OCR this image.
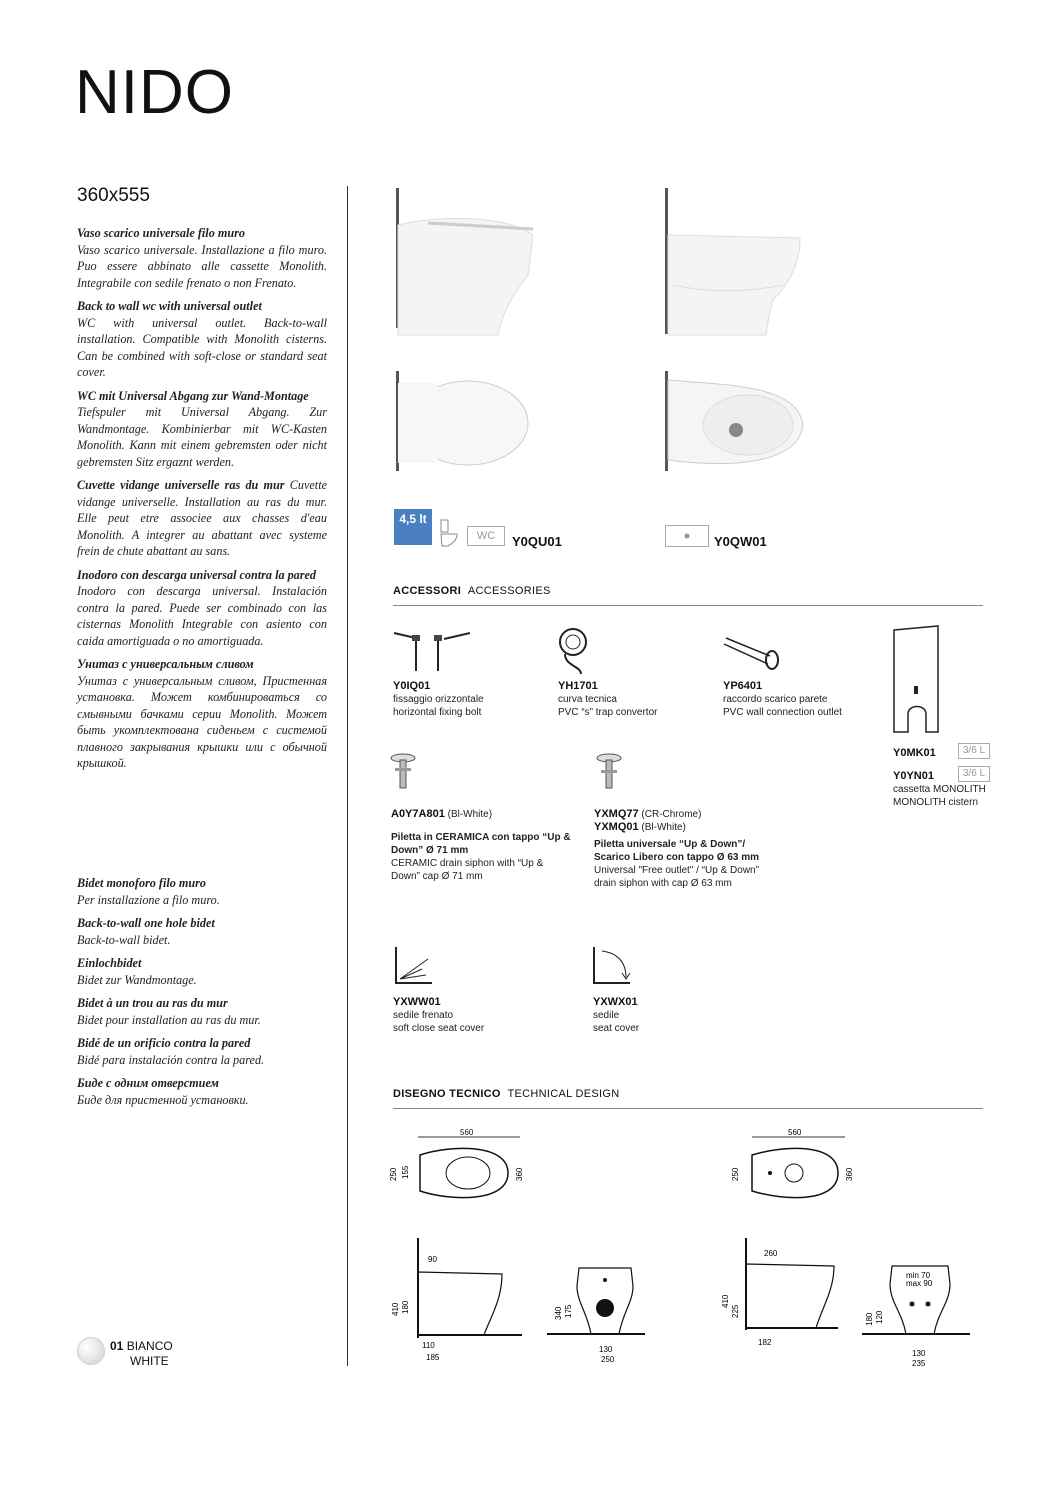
NIDO
360x555

Vaso scarico universale filo muro
Vaso scarico universale. Installazione a filo muro. Puo essere abbinato alle cassette Monolith. Integrabile con sedile frenato o non Frenato.

Back to wall wc with universal outlet
WC with universal outlet. Back-to-wall installation. Compatible with Monolith cisterns. Can be combined with soft-close or standard seat cover.

WC mit Universal Abgang zur Wand-Montage
Tiefspuler mit Universal Abgang. Zur Wandmontage. Kombinierbar mit WC-Kasten Monolith. Kann mit einem gebremsten oder nicht gebremsten Sitz ergaznt werden.

Cuvette vidange universelle ras du mur Cuvette vidange universelle. Installation au ras du mur. Elle peut etre associee aux chasses d'eau Monolith. A integrer au abattant avec systeme frein de chute abattant au sans.

Inodoro con descarga universal contra la pared
Inodoro con descarga universal. Instalación contra la pared. Puede ser combinado con las cisternas Monolith Integrable con asiento con caida amortiguada o no amortiguada.

Унитаз с универсальным сливом
Унитаз с универсальным сливом, Пристенная установка. Может комбинироваться со смывными бачками серии Monolith. Может быть укомплектована сиденьем с системой плавного закрывания крышки или с обычной крышкой.

Bidet monoforo filo muro
Per installazione a filo muro.

Back-to-wall one hole bidet
Back-to-wall bidet.

Einlochbidet
Bidet zur Wandmontage.

Bidet à un trou au ras du mur
Bidet pour installation au ras du mur.

Bidé de un orificio contra la pared
Bidé para instalación contra la pared.

Биде с одним отверстием
Биде для пристенной установки.

4,5 lt
WC	Y0QU01	Y0QW01
ACCESSORI ACCESSORIES
Y0IQ01
fissaggio orizzontale
horizontal fixing bolt
YH1701
curva tecnica
PVC “s” trap convertor
YP6401
raccordo scarico parete
PVC wall connection outlet
Y0MK01
Y0YN01
cassetta MONOLITH
MONOLITH cistern
3/6 L
3/6 L
A0Y7A801 (Bl-White)
Piletta in CERAMICA con tappo “Up & Down” Ø 71 mm
CERAMIC drain siphon with “Up & Down” cap Ø 71 mm
YXMQ77 (CR-Chrome)
YXMQ01 (Bl-White)
Piletta universale “Up & Down”/ Scarico Libero con tappo Ø 63 mm
Universal "Free outlet" / “Up & Down” drain siphon with cap Ø 63 mm
YXWW01
sedile frenato
soft close seat cover
YXWX01
sedile
seat cover
DISEGNO TECNICO TECHNICAL DESIGN
560
250 155	360
560
250	360
90
410 180
110
185
340 175
130
250
260
410
225
182
min 70
max 90
180 120
130
235
01 BIANCO
WHITE
